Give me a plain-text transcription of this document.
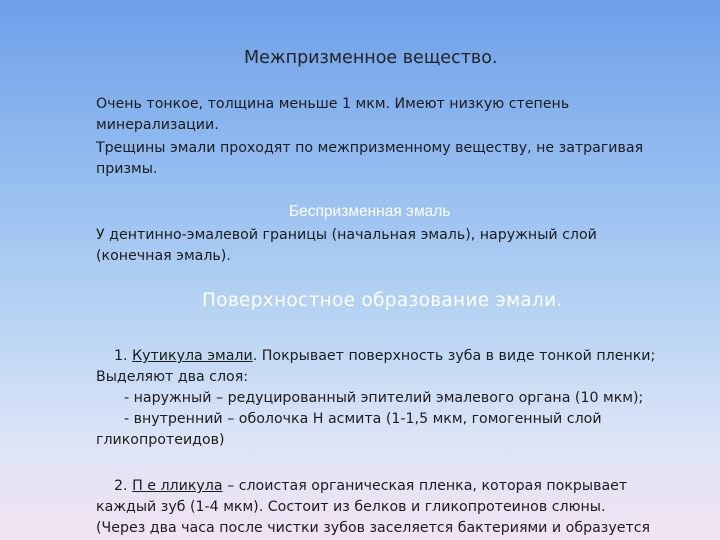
Межпризменное вещество.
Очень тонкое, толщина меньше 1 мкм. Имеют низкую степень
минерализации.
Трещины эмали проходят по межпризменному веществу, не затрагивая
призмы.
Беспризменная эмаль
У дентинно-эмалевой границы (начальная эмаль), наружный слой
(конечная эмаль).
Поверхностное образование эмали.
1. Кутикула эмали. Покрывает поверхность зуба в виде тонкой пленки;
Выделяют два слоя:
- наружный – редуцированный эпителий эмалевого органа (10 мкм);
- внутренний – оболочка Н асмита (1-1,5 мкм, гомогенный слой
гликопротеидов)
2. П е лликула – слоистая органическая пленка, которая покрывает
каждый зуб (1-4 мкм). Состоит из белков и гликопротеинов слюны.
(Через два часа после чистки зубов заселяется бактериями и образуется
